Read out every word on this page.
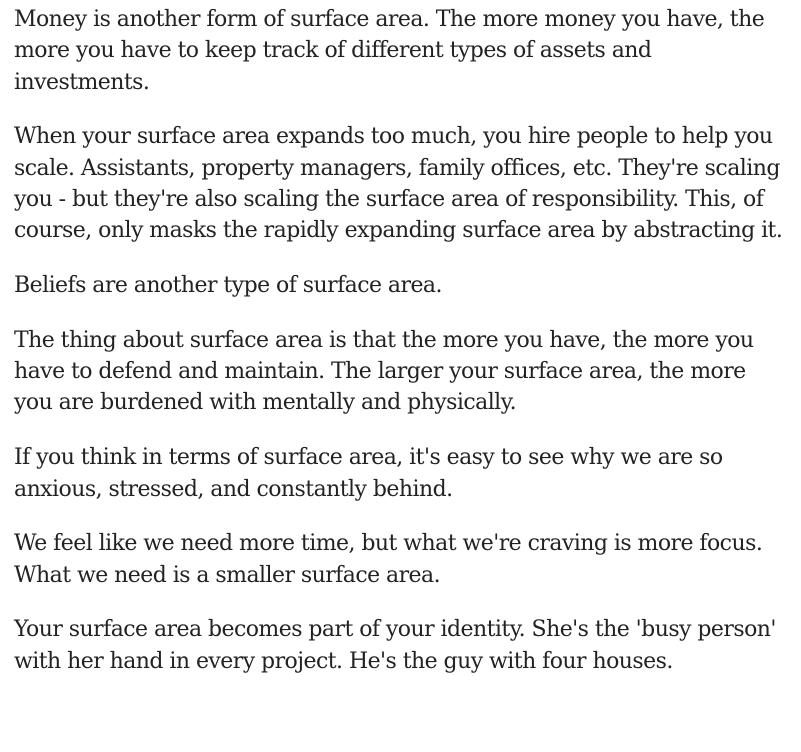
Money is another form of surface area. The more money you have, the more you have to keep track of different types of assets and investments.

When your surface area expands too much, you hire people to help you scale. Assistants, property managers, family offices, etc. They're scaling you - but they're also scaling the surface area of responsibility. This, of course, only masks the rapidly expanding surface area by abstracting it.

Beliefs are another type of surface area.

The thing about surface area is that the more you have, the more you have to defend and maintain. The larger your surface area, the more you are burdened with mentally and physically.

If you think in terms of surface area, it's easy to see why we are so anxious, stressed, and constantly behind.

We feel like we need more time, but what we're craving is more focus. What we need is a smaller surface area.

Your surface area becomes part of your identity. She's the 'busy person' with her hand in every project. He's the guy with four houses.
